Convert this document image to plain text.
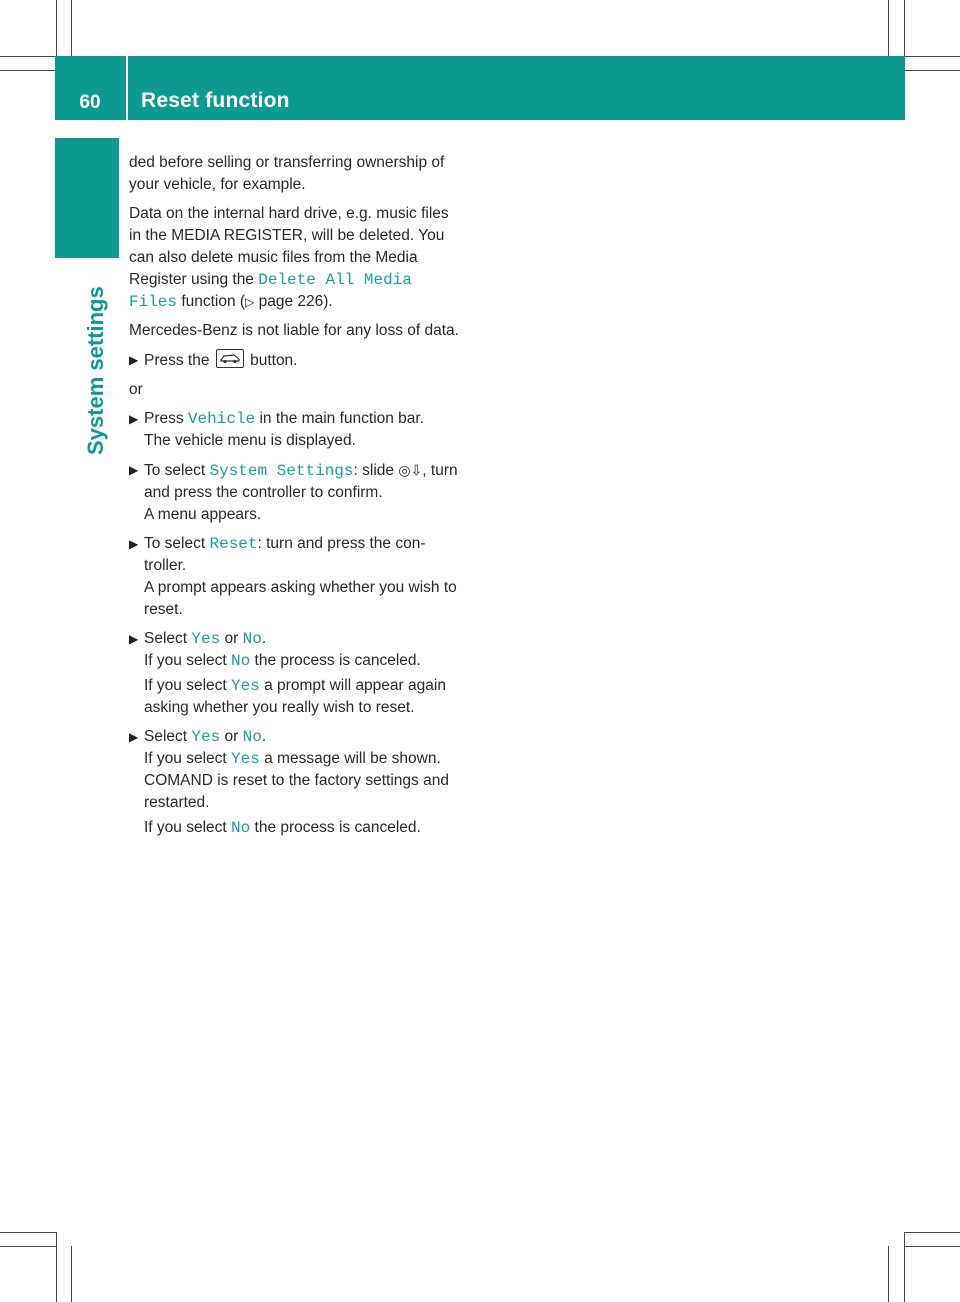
60	Reset function
System settings

ded before selling or transferring ownership of your vehicle, for example.

Data on the internal hard drive, e.g. music files in the MEDIA REGISTER, will be deleted. You can also delete music files from the Media Register using the Delete All Media Files function (▷ page 226).

Mercedes-Benz is not liable for any loss of data.

▶ Press the
button.

or

▶ Press Vehicle in the main function bar.
The vehicle menu is displayed.
▶ To select System Settings: slide ◎⇩, turn and press the controller to confirm.
A menu appears.
▶ To select Reset: turn and press the con- troller.
A prompt appears asking whether you wish to reset.
▶ Select Yes or No.
If you select No the process is canceled.

If you select Yes a prompt will appear again asking whether you really wish to reset.

▶ Select Yes or No.
If you select Yes a message will be shown. COMAND is reset to the factory settings and restarted.

If you select No the process is canceled.
